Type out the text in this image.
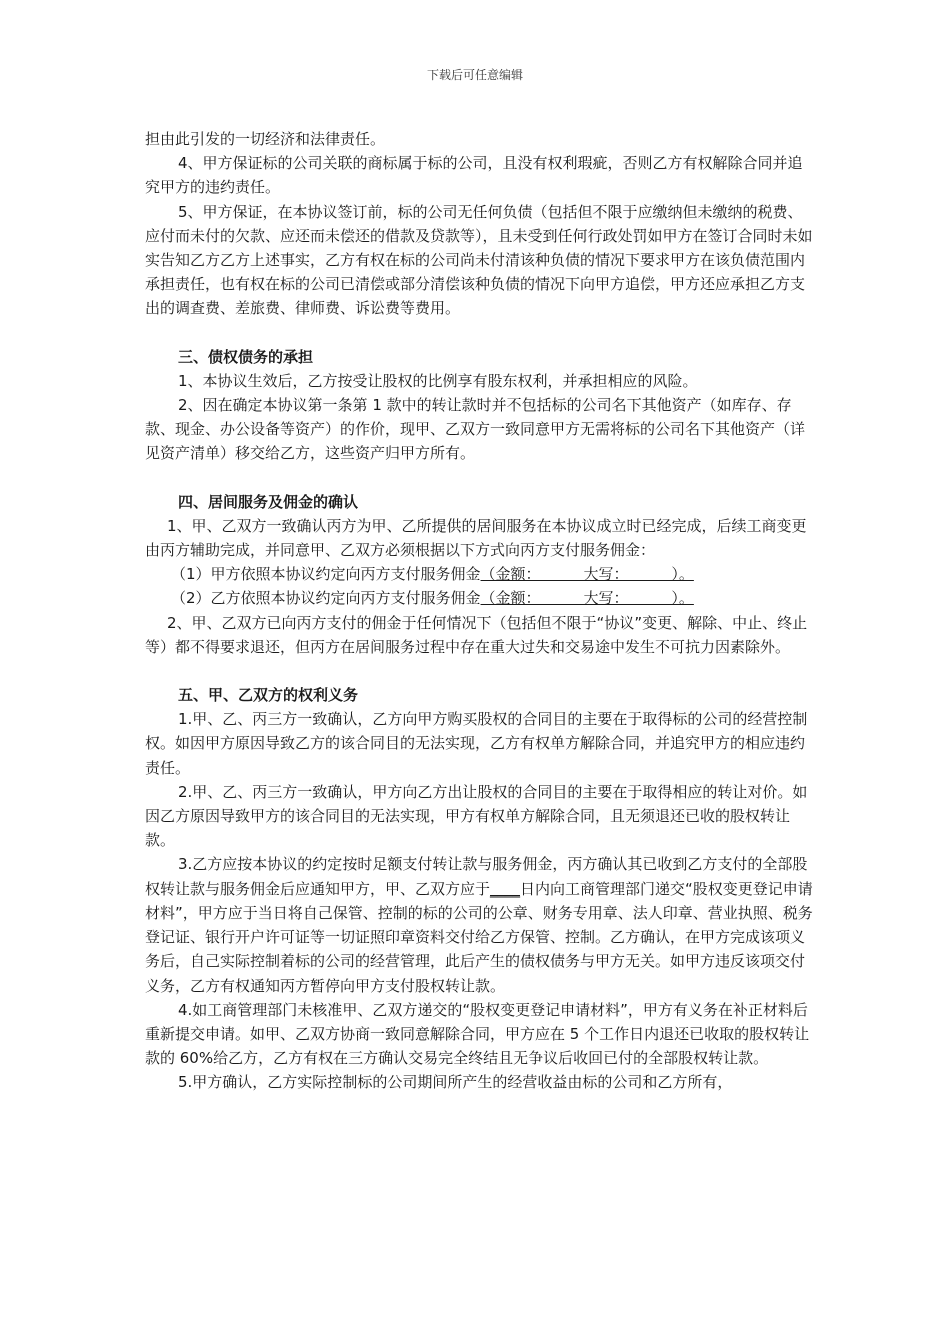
下载后可任意编辑

担由此引发的一切经济和法律责任。

4、甲方保证标的公司关联的商标属于标的公司，且没有权利瑕疵，否则乙方有权解除合同并追究甲方的违约责任。

5、甲方保证，在本协议签订前，标的公司无任何负债（包括但不限于应缴纳但未缴纳的税费、应付而未付的欠款、应还而未偿还的借款及贷款等），且未受到任何行政处罚如甲方在签订合同时未如实告知乙方乙方上述事实，乙方有权在标的公司尚未付清该种负债的情况下要求甲方在该负债范围内承担责任，也有权在标的公司已清偿或部分清偿该种负债的情况下向甲方追偿，甲方还应承担乙方支出的调查费、差旅费、律师费、诉讼费等费用。

三、债权债务的承担

1、本协议生效后，乙方按受让股权的比例享有股东权利，并承担相应的风险。

2、因在确定本协议第一条第 1 款中的转让款时并不包括标的公司名下其他资产（如库存、存款、现金、办公设备等资产）的作价，现甲、乙双方一致同意甲方无需将标的公司名下其他资产（详见资产清单）移交给乙方，这些资产归甲方所有。

四、居间服务及佣金的确认

1、甲、乙双方一致确认丙方为甲、乙所提供的居间服务在本协议成立时已经完成，后续工商变更由丙方辅助完成，并同意甲、乙双方必须根据以下方式向丙方支付服务佣金：

（1）甲方依照本协议约定向丙方支付服务佣金（金额：         大写：         ）。

（2）乙方依照本协议约定向丙方支付服务佣金（金额：         大写：         ）。

2、甲、乙双方已向丙方支付的佣金于任何情况下（包括但不限于“协议”变更、解除、中止、终止等）都不得要求退还，但丙方在居间服务过程中存在重大过失和交易途中发生不可抗力因素除外。

五、甲、乙双方的权利义务

1.甲、乙、丙三方一致确认，乙方向甲方购买股权的合同目的主要在于取得标的公司的经营控制权。如因甲方原因导致乙方的该合同目的无法实现，乙方有权单方解除合同，并追究甲方的相应违约责任。

2.甲、乙、丙三方一致确认，甲方向乙方出让股权的合同目的主要在于取得相应的转让对价。如因乙方原因导致甲方的该合同目的无法实现，甲方有权单方解除合同，且无须退还已收的股权转让款。

3.乙方应按本协议的约定按时足额支付转让款与服务佣金，丙方确认其已收到乙方支付的全部股权转让款与服务佣金后应通知甲方，甲、乙双方应于____日内向工商管理部门递交“股权变更登记申请材料”，甲方应于当日将自己保管、控制的标的公司的公章、财务专用章、法人印章、营业执照、税务登记证、银行开户许可证等一切证照印章资料交付给乙方保管、控制。乙方确认，在甲方完成该项义务后，自己实际控制着标的公司的经营管理，此后产生的债权债务与甲方无关。如甲方违反该项交付义务，乙方有权通知丙方暂停向甲方支付股权转让款。

4.如工商管理部门未核准甲、乙双方递交的“股权变更登记申请材料”，甲方有义务在补正材料后重新提交申请。如甲、乙双方协商一致同意解除合同，甲方应在 5 个工作日内退还已收取的股权转让款的 60%给乙方，乙方有权在三方确认交易完全终结且无争议后收回已付的全部股权转让款。

5.甲方确认，乙方实际控制标的公司期间所产生的经营收益由标的公司和乙方所有，
